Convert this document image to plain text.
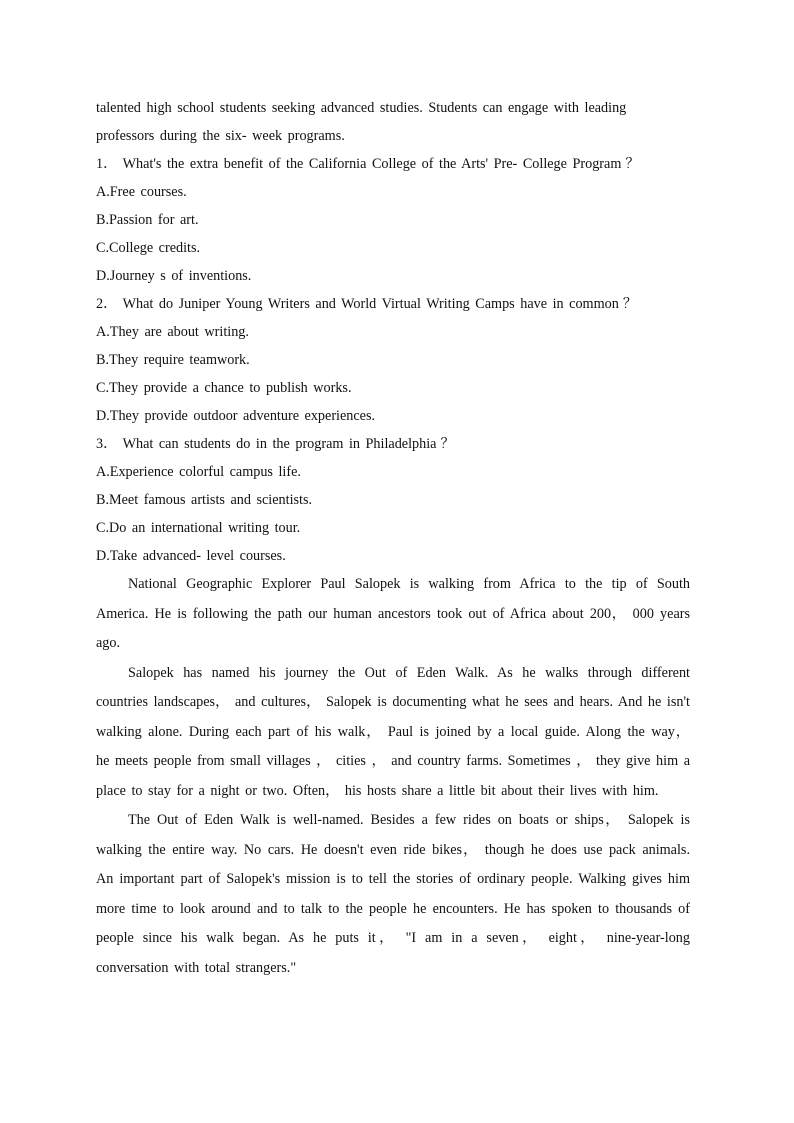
talented high school students seeking advanced studies. Students can engage with leading
professors during the six- week programs.
1． What's the extra benefit of the California College of the Arts' Pre- College Program ？
A.Free courses.
B.Passion for art.
C.College credits.
D.Journey s of inventions.
2． What do Juniper Young Writers and World Virtual Writing Camps have in common ？
A.They are about writing.
B.They require teamwork.
C.They provide a chance to publish works.
D.They provide outdoor adventure experiences.
3． What can students do in the program in Philadelphia ？
A.Experience colorful campus life.
B.Meet famous artists and scientists.
C.Do an international writing tour.
D.Take advanced- level courses.

National Geographic Explorer Paul Salopek is walking from Africa to the tip of South America. He is following the path our human ancestors took out of Africa about 200， 000 years ago.

Salopek has named his journey the Out of Eden Walk. As he walks through different countries landscapes， and cultures， Salopek is documenting what he sees and hears. And he isn't walking alone. During each part of his walk， Paul is joined by a local guide. Along the way， he meets people from small villages ， cities ， and country farms. Sometimes ， they give him a place to stay for a night or two. Often， his hosts share a little bit about their lives with him.

The Out of Eden Walk is well-named. Besides a few rides on boats or ships， Salopek is walking the entire way. No cars. He doesn't even ride bikes， though he does use pack animals. An important part of Salopek's mission is to tell the stories of ordinary people. Walking gives him more time to look around and to talk to the people he encounters. He has spoken to thousands of people since his walk began. As he puts it， "I am in a seven， eight， nine-year-long conversation with total strangers."
